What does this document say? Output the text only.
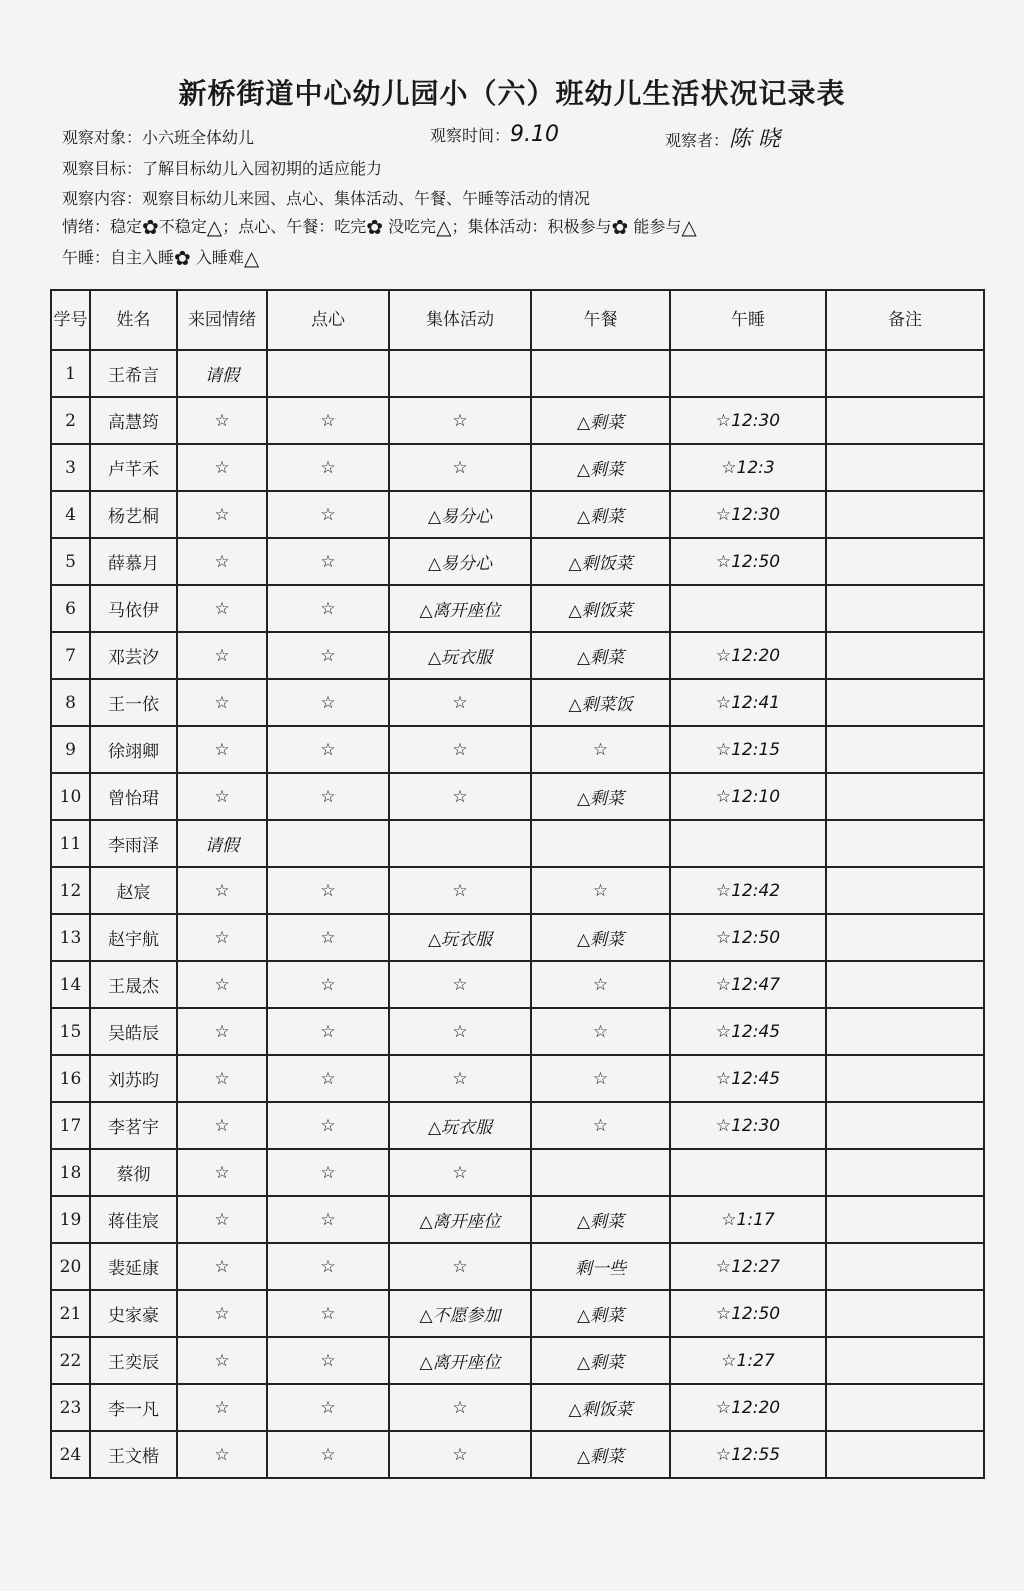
新桥街道中心幼儿园小（六）班幼儿生活状况记录表
观察对象：小六班全体幼儿	观察时间：9.10	观察者：陈 晓
观察目标：了解目标幼儿入园初期的适应能力
观察内容：观察目标幼儿来园、点心、集体活动、午餐、午睡等活动的情况
情绪：稳定✿不稳定△；点心、午餐：吃完✿ 没吃完△；集体活动：积极参与✿ 能参与△
午睡：自主入睡✿ 入睡难△
学号	姓名	来园情绪	点心	集体活动	午餐	午睡	备注
1	王希言	请假					
2	高慧筠	☆	☆	☆	△剩菜	☆12:30	
3	卢芊禾	☆	☆	☆	△剩菜	☆12:3	
4	杨艺桐	☆	☆	△易分心	△剩菜	☆12:30	
5	薛慕月	☆	☆	△易分心	△剩饭菜	☆12:50	
6	马依伊	☆	☆	△离开座位	△剩饭菜		
7	邓芸汐	☆	☆	△玩衣服	△剩菜	☆12:20	
8	王一依	☆	☆	☆	△剩菜饭	☆12:41	
9	徐翊卿	☆	☆	☆	☆	☆12:15	
10	曾怡珺	☆	☆	☆	△剩菜	☆12:10	
11	李雨泽	请假					
12	赵宸	☆	☆	☆	☆	☆12:42	
13	赵宇航	☆	☆	△玩衣服	△剩菜	☆12:50	
14	王晟杰	☆	☆	☆	☆	☆12:47	
15	吴皓辰	☆	☆	☆	☆	☆12:45	
16	刘苏昀	☆	☆	☆	☆	☆12:45	
17	李茗宇	☆	☆	△玩衣服	☆	☆12:30	
18	蔡彻	☆	☆	☆			
19	蒋佳宸	☆	☆	△离开座位	△剩菜	☆1:17	
20	裴延康	☆	☆	☆	剩一些	☆12:27	
21	史家豪	☆	☆	△不愿参加	△剩菜	☆12:50	
22	王奕辰	☆	☆	△离开座位	△剩菜	☆1:27	
23	李一凡	☆	☆	☆	△剩饭菜	☆12:20	
24	王文楷	☆	☆	☆	△剩菜	☆12:55	
